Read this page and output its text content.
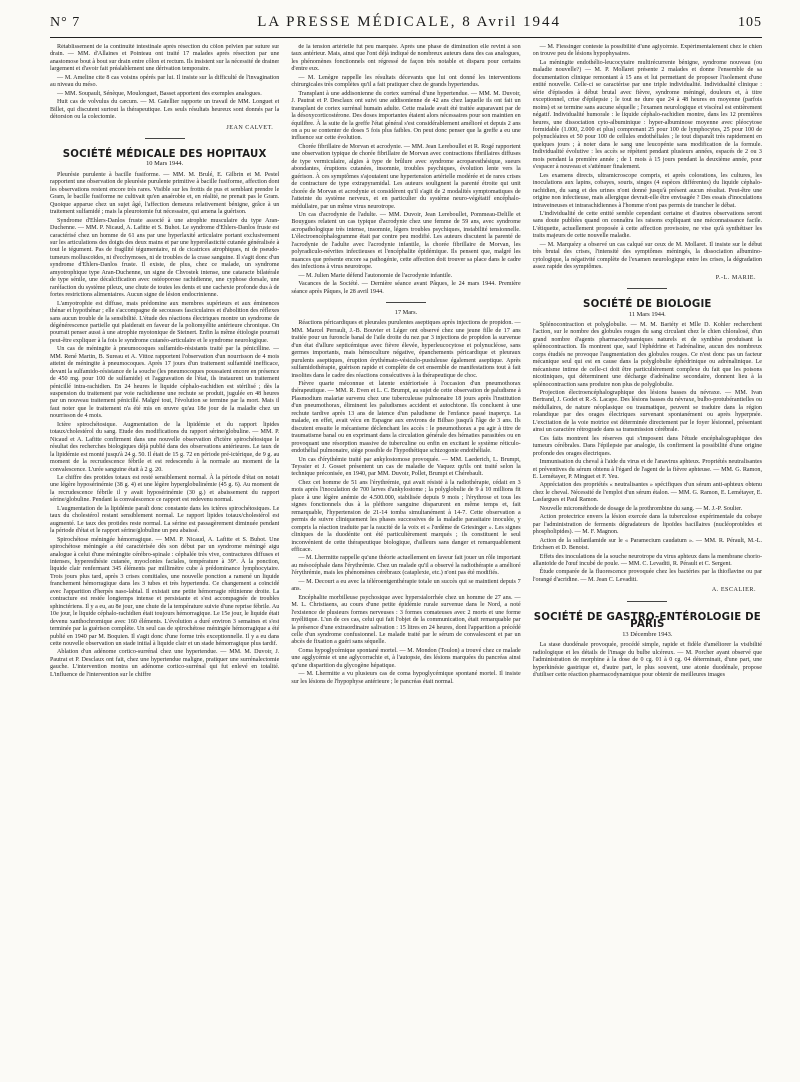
N° 7	LA PRESSE MÉDICALE, 8 Avril 1944	105

Rétablissement de la continuité intestinale après résection du côlon pelvien par suture sur drain. — MM. d'Allaines et Pointeau ont traité 17 malades après résection par une anastomose bout à bout sur drain entre côlon et rectum. Ils insistent sur la nécessité de drainer largement et d'avoir fait préalablement une dérivation temporaire.

— M. Ameline cite 8 cas voisins opérés par lui. Il insiste sur la difficulté de l'invagination au niveau du méso.

— MM. Soupault, Sénèque, Moulonguet, Basset apportent des exemples analogues.

Huit cas de volvulus du cæcum. — M. Gatellier rapporte un travail de MM. Longuet et Billet, qui discutent surtout la thérapeutique. Les seuls résultats heureux sont donnés par la détorsion ou la colectomie.

JEAN CALVET.
SOCIÉTÉ MÉDICALE DES HOPITAUX
10 Mars 1944.

Pleurésie purulente à bacille fusiforme. — MM. M. Brulé, E. Gilbrin et M. Pestel rapportent une observation de pleurésie purulente primitive à bacille fusiforme, affection dont les observations restent encore très rares. Visible sur les frottis de pus et semblant prendre le Gram, le bacille fusiforme ne cultivait qu'en anaérobie et, en réalité, ne prenait pas le Gram. Quoique apparue chez un sujet âgé, l'affection demeura relativement bénigne, grâce à un traitement sulfamidé ; mais la pleurotomie fut nécessaire, qui amena la guérison.

Syndrome d'Ehlers-Danlos fruste associé à une atrophie musculaire du type Aran-Duchenne. — MM. P. Nicaud, A. Lafitte et S. Buhot. Le syndrome d'Ehlers-Danlos fruste est caractérisé chez un homme de 61 ans par une hyperlaxité articulaire portant exclusivement sur les articulations des doigts des deux mains et par une hyperélasticité cutanée généralisée à tout le tégument. Pas de fragilité tégumentaire, ni de cicatrices atrophiques, ni de pseudo-tumeurs molluscoïdes, ni d'ecchymoses, ni de troubles de la crase sanguine. Il s'agit donc d'un syndrome d'Ehlers-Danlos fruste. Il existe, de plus, chez ce malade, un syndrome amyotrophique type Aran-Duchenne, un signe de Chvostek intense, une cataracte bilatérale de type sénile, une décalcification avec ostéoporose rachidienne, une cyphose dorsale, une raréfaction du système pileux, une chute de toutes les dents et une cachexie profonde dus à de fortes restrictions alimentaires. Aucun signe de lésion endocrinienne.

L'amyotrophie est diffuse, mais prédomine aux membres supérieurs et aux éminences thénar et hypothénar ; elle s'accompagne de secousses fasciculaires et d'abolition des réflexes sans aucun trouble de la sensibilité. L'étude des réactions électriques montre un syndrome de dégénérescence partielle qui plaiderait en faveur de la poliomyélite antérieure chronique. On pourrait penser aussi à une atrophie myotonique de Steinert. Enfin la même étiologie pourrait peut-être expliquer à la fois le syndrome cutanéo-articulaire et le syndrome neurologique.

Un cas de méningite à pneumocoques sulfamido-résistants traité par la pénicilline. — MM. René Martin, B. Sureau et A. Vittoz rapportent l'observation d'un nourrisson de 4 mois atteint de méningite à pneumocoques. Après 17 jours d'un traitement sulfamidé inefficace, devant la sulfamido-résistance de la souche (les pneumocoques poussaient encore en présence de 450 mg. pour 100 de sulfamide) et l'aggravation de l'état, ils instaurent un traitement pénicillé intra-rachidien. En 24 heures le liquide céphalo-rachidien est stérilisé ; dès la suspension du traitement par voie rachidienne une rechute se produit, jugulée en 48 heures par un nouveau traitement pénicillé. Malgré tout, l'évolution se termine par la mort. Mais il faut noter que le traitement n'a été mis en œuvre qu'au 18e jour de la maladie chez un nourrisson de 4 mois.

Ictère spirochétosique. Augmentation de la lipidémie et du rapport lipides totaux/cholestérol du sang. Etude des modifications du rapport sérine/globuline. — MM. P. Nicaud et A. Lafitte confirment dans une nouvelle observation d'ictère spirochétosique le résultat des recherches biologiques déjà publié dans des observations antérieures. Le taux de la lipidémie est monté jusqu'à 24 g. 50. Il était de 15 g. 72 en période pré-ictérique, de 9 g. au moment de la recrudescence fébrile et est redescendu à la normale au moment de la convalescence. L'urée sanguine était à 2 g. 20.

Le chiffre des protides totaux est resté sensiblement normal. À la période d'état on notait une légère hyposérinémie (38 g. 4) et une légère hyperglobulinémie (45 g. 6). Au moment de la recrudescence fébrile il y avait hyposérinémie (30 g.) et abaissement du rapport sérine/globuline. Pendant la convalescence ce rapport est redevenu normal.

L'augmentation de la lipidémie paraît donc constante dans les ictères spirochétosiques. Le taux du cholestérol restant sensiblement normal. Le rapport lipides totaux/cholestérol est augmenté. Le taux des protides reste normal. La sérine est passagèrement diminuée pendant la période d'état et le rapport sérine/globuline un peu abaissé.

Spirochétose méningée hémorragique. — MM. P. Nicaud, A. Lafitte et S. Buhot. Une spirochétose méningée a été caractérisée dès son début par un syndrome méningé aigu analogue à celui d'une méningite cérébro-spinale : céphalée très vive, contractures diffuses et intenses, hyperesthésie cutanée, myoclonies faciales, température à 39°. À la ponction, liquide clair renfermant 345 éléments par millimètre cube à prédominance lymphocytaire. Trois jours plus tard, après 3 crises comitiales, une nouvelle ponction a ramené un liquide franchement hémorragique dans les 3 tubes et très hypertendu. Ce changement a coïncidé avec l'apparition d'herpès naso-labial. Il existait une petite hémorragie rétinienne droite. La contracture est restée longtemps intense et persistante et s'est accompagnée de troubles sphinctériens. Il y a eu, au 8e jour, une chute de la température suivie d'une reprise fébrile. Au 10e jour, le liquide céphalo-rachidien était toujours hémorragique. Le 15e jour, le liquide était devenu xanthochromique avec 160 éléments. L'évolution a duré environ 3 semaines et s'est terminée par la guérison complète. Un seul cas de spirochétose méningée hémorragique a été publié en 1940 par M. Boquien. Il s'agit donc d'une forme très exceptionnelle. Il y a eu dans cette nouvelle observation un stade initial à liquide clair et un stade hémorragique plus tardif.

Ablation d'un adénome cortico-surrénal chez une hypertendue. — MM. M. Duvoir, J. Pautrat et P. Desclaux ont fait, chez une hypertendue maligne, pratiquer une surrénalectomie gauche. L'intervention montra un adénome cortico-surrénal qui fut enlevé en totalité. L'influence de l'intervention sur le chiffre

de la tension artérielle fut peu marquée. Après une phase de diminution elle revint à son taux antérieur. Mais, ainsi que l'ont déjà indiqué de nombreux auteurs dans des cas analogues, les phénomènes fonctionnels ont régressé de façon très notable et disparu pour certains d'entre eux.

— M. Lenègre rappelle les résultats décevants que lui ont donné les interventions chirurgicales très complètes qu'il a fait pratiquer chez de grands hypertendus.

Transplant à une addisonienne du cortex surrénal d'une hypertendue. — MM. M. Duvoir, J. Pautrat et P. Desclaux ont suivi une addisonienne de 42 ans chez laquelle ils ont fait un transplant de cortex surrénal humain adulte. Cette malade avait été traitée auparavant par de la désoxycorticostérone. Des doses importantes étaient alors nécessaires pour son maintien en équilibre. À la suite de la greffe l'état général s'est considérablement amélioré et depuis 2 ans on a pu se contenter de doses 5 fois plus faibles. On peut donc penser que la greffe a eu une influence sur cette évolution.

Chorée fibrillaire de Morvan et acrodynie. — MM. Jean Lereboullet et R. Rogé rapportent une observation typique de chorée fibrillaire de Morvan avec contractions fibrillaires diffuses de type vermiculaire, algies à type de brûlure avec syndrome acroparesthésique, sueurs abondantes, éruptions cutanées, insomnie, troubles psychiques, évolution lente vers la guérison. À ces symptômes s'ajoutaient une hypertension artérielle modérée et de rares crises de contracture de type extrapyramidal. Les auteurs soulignent la parenté étroite qui unit chorée de Morvan et acrodynie et considèrent qu'il s'agit de 2 modalités symptomatiques de l'atteinte du système nerveux, et en particulier du système neuro-végétatif encéphalo-médullaire, par un même virus neurotrope.

Un cas d'acrodynie de l'adulte. — MM. Duvoir, Jean Lereboullet, Pommeau-Delille et Bouygues relatent un cas typique d'acrodynie chez une femme de 59 ans, avec syndrome acropathologique très intense, insomnie, légers troubles psychiques, instabilité tensionnelle. L'électroencéphalogramme était par contre peu modifié. Les auteurs discutent la parenté de l'acrodynie de l'adulte avec l'acrodynie infantile, la chorée fibrillaire de Morvan, les polyradiculo-névrites infectieuses et l'encéphalite épidémique. Ils pensent que, malgré les nuances que présente encore sa pathogénie, cette affection doit trouver sa place dans le cadre des infections à virus neurotrope.

— M. Julien Marie défend l'autonomie de l'acrodynie infantile.

Vacances de la Société. — Dernière séance avant Pâques, le 24 mars 1944. Première séance après Pâques, le 28 avril 1944.

17 Mars.

Réactions péricardiques et pleurales purulentes aseptiques après injections de propidon. — MM. Marcel Perrault, J.-B. Bouvier et Léger ont observé chez une jeune fille de 17 ans traitée pour un furoncle banal de l'aile droite du nez par 3 injections de propidon la survenue d'un état d'allure septicémique avec fièvre élevée, hyperleucocytose et polynucléose, sans germes importants, mais hémoculture négative, épanchements péricardique et pleuraux purulents aseptiques, éruption érythémato-vésiculo-pustuleuse également aseptique. Après sulfamidothérapie, guérison rapide et complète de cet ensemble de manifestations tout à fait insolites dans le cadre des réactions consécutives à la thérapeutique de choc.

Fièvre quarte méconnue et latente extériorisée à l'occasion d'un pneumothorax thérapeutique. — MM. R. Even et L. C. Brumpt, au sujet de cette observation de paludisme à Plasmodium malariæ survenu chez une tuberculeuse pulmonaire 18 jours après l'institution d'un pneumothorax, éliminent les paludismes accident et autochtone. Ils concluent à une rechute tardive après 13 ans de latence d'un paludisme de l'enfance passé inaperçu. La malade, en effet, avait vécu en Espagne aux environs de Bilbao jusqu'à l'âge de 3 ans. Ils discutent ensuite le mécanisme déclenchant les accès : le pneumothorax a pu agir à titre de traumatisme banal ou en exprimant dans la circulation générale des hématies parasitées ou en provoquant une résorption massive de tuberculine ou enfin en excitant le système réticulo-endothélial pulmonaire, siège possible de l'hypothétique schizogonie endothéliale.

Un cas d'érythémie traité par ankylostomose provoquée. — MM. Laederich, L. Brumpt, Teyssier et J. Gosset présentent un cas de maladie de Vaquez qu'ils ont traité selon la technique préconisée, en 1940, par MM. Duvoir, Pollet, Brumpt et Chérebault.

Chez cet homme de 51 ans l'érythrémie, qui avait résisté à la radiothérapie, cédait en 3 mois après l'inoculation de 700 larves d'ankylostome ; la polyglobulie de 9 à 10 millions fit place à une légère anémie de 4.500.000, stabilisée depuis 9 mois ; l'érythrose et tous les signes fonctionnels dus à la pléthore sanguine disparurent en même temps et, fait remarquable, l'hypertension de 21-14 tomba simultanément à 14-7. Cette observation a permis de suivre cliniquement les phases successives de la maladie parasitaire inoculée, y compris la réaction traduite par la raucité de la voix et « l'œdème de Griesinger ». Les signes cliniques de la duodénite ont été particulièrement marqués ; ils constituent le seul inconvénient de cette thérapeutique biologique, d'ailleurs sans danger et remarquablement efficace.

— M. Lhermitte rappelle qu'une théorie actuellement en faveur fait jouer un rôle important au mésocéphale dans l'érythrémie. Chez un malade qu'il a observé la radiothérapie a amélioré l'érythrémie, mais les phénomènes cérébraux (cataplexie, etc.) n'ont pas été modifiés.

— M. Decourt a eu avec la téléroentgenthérapie totale un succès qui se maintient depuis 7 ans.

Encéphalite morbilleuse psychosique avec hypersialorrhée chez un homme de 27 ans. — M. L. Christiaens, au cours d'une petite épidémie rurale survenue dans le Nord, a noté l'existence de plusieurs formes nerveuses : 3 formes comateuses avec 2 morts et une forme myélitique. L'un de ces cas, celui qui fait l'objet de la communication, était remarquable par la présence d'une extraordinaire salivation : 15 litres en 24 heures, dont l'apparition a précédé celle d'un syndrome confusionnel. Le malade traité par le sérum de convalescent et par un abcès de fixation a guéri sans séquelle.

Coma hypoglycémique spontané mortel. — M. Mondon (Toulon) a trouvé chez ce malade une agglycémie et une aglycorrachie et, à l'autopsie, des lésions marquées du pancréas ainsi qu'une disparition du glycogène hépatique.

— M. Lhermitte a vu plusieurs cas de coma hypoglycémique spontané mortel. Il insiste sur les lésions de l'hypophyse antérieure ; le pancréas était normal.

— M. Fiessinger conteste la possibilité d'une aglycémie. Expérimentalement chez le chien on trouve peu de lésions hypophysaires.

La méningite endothélio-leucocytaire multirécurrente bénigne, syndrome nouveau (ou maladie nouvelle?) — M. P. Mollaret présente 2 malades et donne l'ensemble de sa documentation clinique remontant à 15 ans et lui permettant de proposer l'isolement d'une entité nouvelle. Celle-ci se caractérise par une triple individualité. Individualité clinique : série d'épisodes à début brutal avec fièvre, syndrome méningé, douleurs et, à titre exceptionnel, crise d'épilepsie ; le tout ne dure que 24 à 48 heures en moyenne (parfois moins) et se termine sans aucune séquelle ; l'examen neurologique et viscéral est entièrement négatif. Individualité humorale : le liquide céphalo-rachidien montre, dans les 12 premières heures, une dissociation cyto-albuminique : hyper-albuminose moyenne avec pléocytose formidable (1.000, 2.000 et plus) comprenant 25 pour 100 de lymphocytes, 25 pour 100 de polynucléaires et 50 pour 100 de cellules endothéliales ; le tout disparaît très rapidement en quelques jours ; à noter dans le sang une leucopénie sans modification de la formule. Individualité évolutive : les accès se répètent pendant plusieurs années, espacés de 2 ou 3 mois pendant la première année ; de 1 mois à 15 jours pendant la deuxième année, pour s'espacer à nouveau et s'atténuer finalement.

Les examens directs, ultramicroscope compris, et après colorations, les cultures, les inoculations aux lapins, cobayes, souris, singes (4 espèces différentes) du liquide céphalo-rachidien, du sang et des urines n'ont donné jusqu'à présent aucun résultat. Peut-être une origine non infectieuse, mais allergique devrait-elle être envisagée ? Des essais d'inoculations intraveineuses et intrarachidiennes à l'homme n'ont pas permis de trancher le débat.

L'individualité de cette entité semble cependant certaine et d'autres observations seront sans doute publiées quand on connaîtra les raisons expliquant une méconnaissance facile. L'étiquette, actuellement proposée à cette affection provisoire, ne vise qu'à synthétiser les traits majeurs de cette nouvelle maladie.

— M. Marquézy a observé un cas calqué sur ceux de M. Mollaret. Il insiste sur le début très brutal des crises, l'intensité des symptômes méningés, la dissociation albumino-cytologique, la négativité complète de l'examen neurologique entre les crises, la dégradation assez rapide des symptômes.

P.-L. MARIE.
SOCIÉTÉ DE BIOLOGIE
11 Mars 1944.

Splénocontraction et polyglobulie. — M. M. Bariéty et Mlle D. Kohler recherchent l'action, sur le nombre des globules rouges du sang circulant chez le chien chloralosé, d'un grand nombre d'agents pharmacodynamiques naturels et de synthèse produisant la splénocontraction. Ils montrent que, sauf l'éphédrine et l'adrénaline, aucun des nombreux corps étudiés ne provoque l'augmentation des globules rouges. Ce n'est donc pas un facteur mécanique seul qui est en cause dans la polyglobulie éphédrinique ou adrénalinique. Le mécanisme intime de celle-ci doit être particulièrement complexe du fait que les poisons nicotiniques, qui déterminent une décharge d'adrénaline secondaire, donnent lieu à la splénocontraction sans produire non plus de polyglobulie.

Projection électroencéphalographique des lésions basses du névraxe. — MM. Ivan Bertrand, J. Godet et R.-S. Lacape. Des lésions basses du névraxe, bulbo-protubérantielles ou médullaires, de nature néoplasique ou traumatique, peuvent se traduire dans la région rolandique par des orages électriques survenant spontanément ou après hyperpnée. L'excitation de la voie motrice est déterminée directement par le foyer lésionnel, présentant ainsi un caractère rétrograde dans sa transmission cérébrale.

Ces faits montrent les réserves qui s'imposent dans l'étude encéphalographique des tumeurs cérébrales. Dans l'épilepsie par analogie, ils confirment la possibilité d'une origine profonde des orages électriques.

Immunisation du cheval à l'aide du virus et de l'anavirus aphteux. Propriétés neutralisantes et préventives du sérum obtenu à l'égard de l'agent de la fièvre aphteuse. — MM. G. Ramon, E. Lemétayer, P. Minguet et F. Yeu.

Appréciation des propriétés « neutralisantes » spécifiques d'un sérum anti-aphteux obtenu chez le cheval. Nécessité de l'emploi d'un sérum étalon. — MM. G. Ramon, E. Lemétayer, E. Lasfargues et Paul Ramon.

Nouvelle microméthode de dosage de la prothrombine du sang. — M. J.-P. Soulier.

Action protectrice envers la lésion exercée dans la tuberculose expérimentale du cobaye par l'administration de ferments dégradateurs de lipoïdes bacillaires (nucléoprotéides et phospholipides). — M. F. Magnon.

Action de la sulfanilamide sur le « Paramecium caudatum ». — MM. R. Pérault, M.-L. Erichsen et D. Benoist.

Effets des inoculations de la souche neurotrope du virus aphteux dans la membrane chorio-allantoïde de l'œuf incubé de poule. — MM. C. Levaditi, R. Pérault et C. Sergent.

Étude comparée de la fluorescence provoquée chez les bactéries par la thioflavine ou par l'orangé d'acridine. — M. Jean C. Levaditi.

A. ESCALIER.
SOCIÉTÉ DE GASTRO-ENTÉROLOGIE DE PARIS
13 Décembre 1943.

La stase duodénale provoquée, procédé simple, rapide et fidèle d'améliorer la visibilité radiologique et les détails de l'image du bulbe ulcéreux. — M. Porcher ayant observé que l'administration de morphine à la dose de 0 cg. 01 à 0 cg. 04 déterminait, d'une part, une hyperkinésie gastrique et, d'autre part, le plus souvent, une atonie duodénale, propose d'utiliser cette réaction pharmacodynamique pour obtenir de meilleures images
